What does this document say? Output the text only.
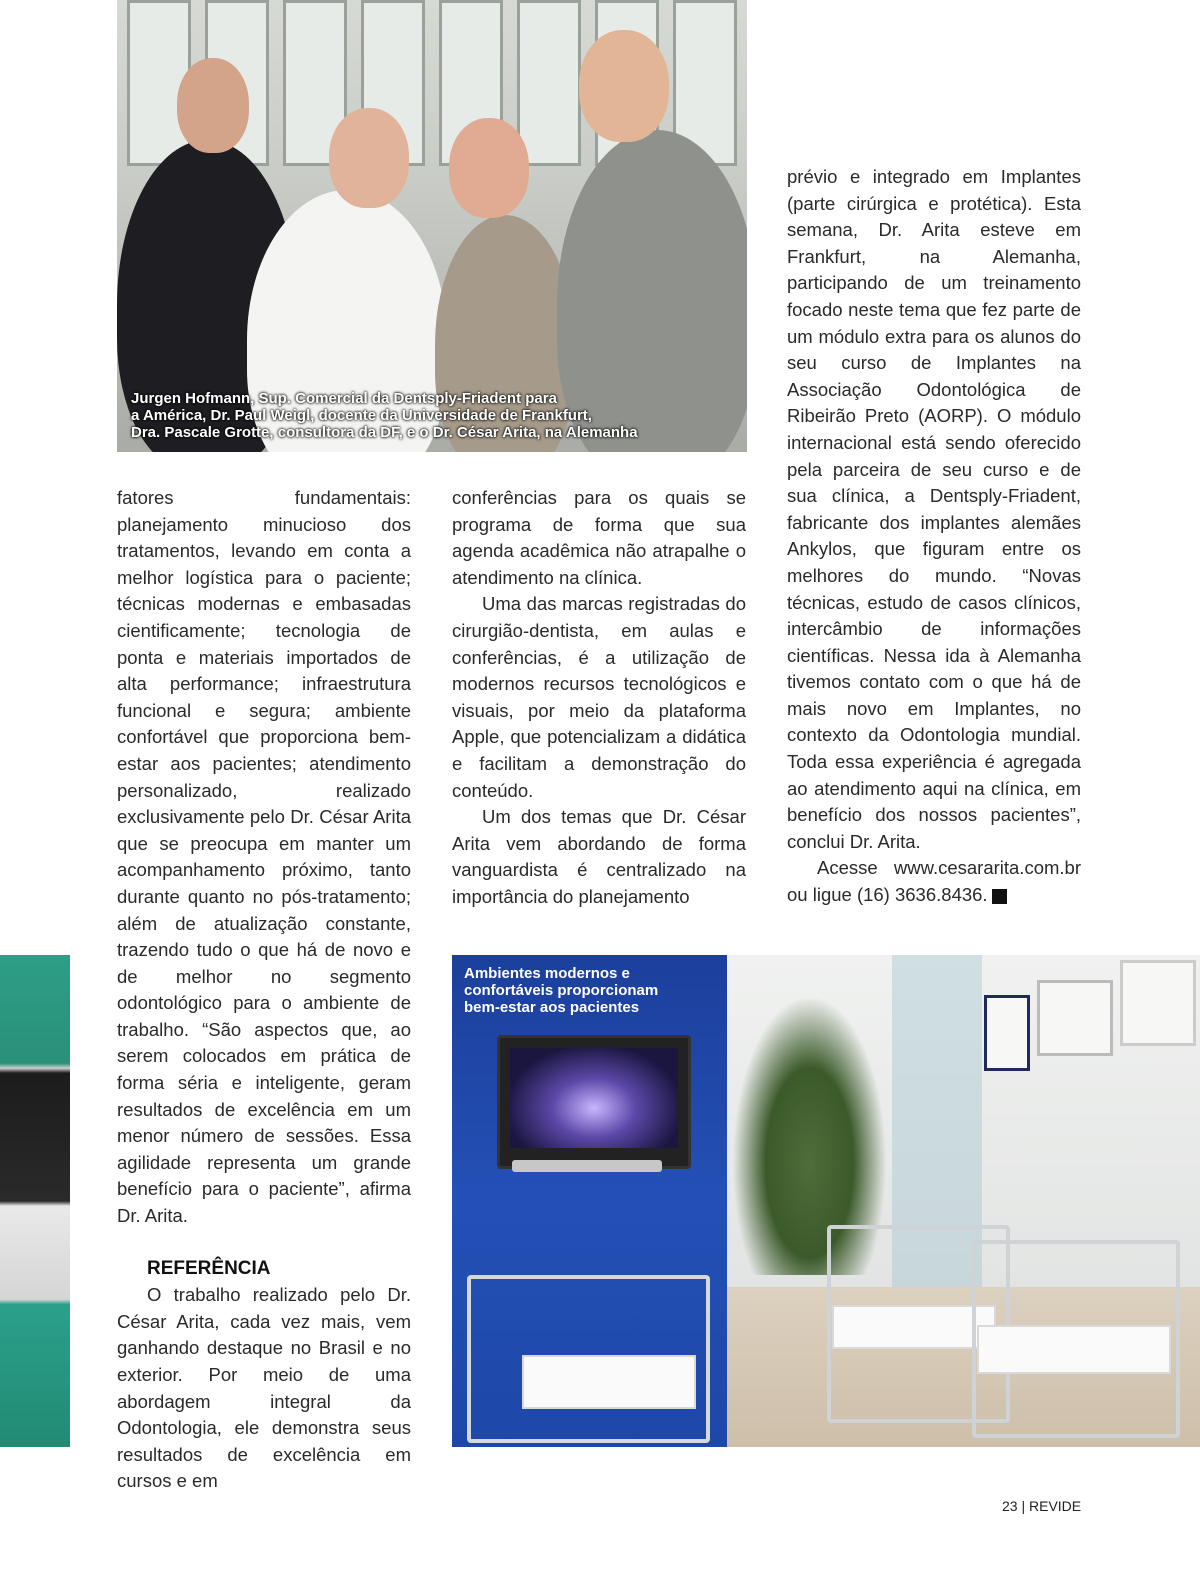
Jurgen Hofmann, Sup. Comercial da Dentsply-Friadent para
a América, Dr. Paul Weigl, docente da Universidade de Frankfurt,
Dra. Pascale Grotte, consultora da DF, e o Dr. César Arita, na Alemanha

fatores fundamentais: planejamento minucioso dos tratamentos, levando em conta a melhor logística para o paciente; técnicas modernas e embasadas cientificamente; tecnologia de ponta e materiais importados de alta performance; infraestrutura funcional e segura; ambiente confortável que proporciona bem-estar aos pacientes; atendimento personalizado, realizado exclusivamente pelo Dr. César Arita que se preocupa em manter um acompanhamento próximo, tanto durante quanto no pós-tratamento; além de atualização constante, trazendo tudo o que há de novo e de melhor no segmento odontológico para o ambiente de trabalho. “São aspectos que, ao serem colocados em prática de forma séria e inteligente, geram resultados de excelência em um menor número de sessões. Essa agilidade representa um grande benefício para o paciente”, afirma Dr. Arita.

REFERÊNCIA

O trabalho realizado pelo Dr. César Arita, cada vez mais, vem ganhando destaque no Brasil e no exterior. Por meio de uma abordagem integral da Odontologia, ele demonstra seus resultados de excelência em cursos e em

conferências para os quais se programa de forma que sua agenda acadêmica não atrapalhe o atendimento na clínica.

Uma das marcas registradas do cirurgião-dentista, em aulas e conferências, é a utilização de modernos recursos tecnológicos e visuais, por meio da plataforma Apple, que potencializam a didática e facilitam a demonstração do conteúdo.

Um dos temas que Dr. César Arita vem abordando de forma vanguardista é centralizado na importância do planejamento

prévio e integrado em Implantes (parte cirúrgica e protética). Esta semana, Dr. Arita esteve em Frankfurt, na Alemanha, participando de um treinamento focado neste tema que fez parte de um módulo extra para os alunos do seu curso de Implantes na Associação Odontológica de Ribeirão Preto (AORP). O módulo internacional está sendo oferecido pela parceira de seu curso e de sua clínica, a Dentsply-Friadent, fabricante dos implantes alemães Ankylos, que figuram entre os melhores do mundo. “Novas técnicas, estudo de casos clínicos, intercâmbio de informações científicas. Nessa ida à Alemanha tivemos contato com o que há de mais novo em Implantes, no contexto da Odontologia mundial. Toda essa experiência é agregada ao atendimento aqui na clínica, em benefício dos nossos pacientes”, conclui Dr. Arita.

Acesse www.cesararita.com.br ou ligue (16) 3636.8436.	r

Ambientes modernos e
confortáveis proporcionam
bem-estar aos pacientes
23 | REVIDE
